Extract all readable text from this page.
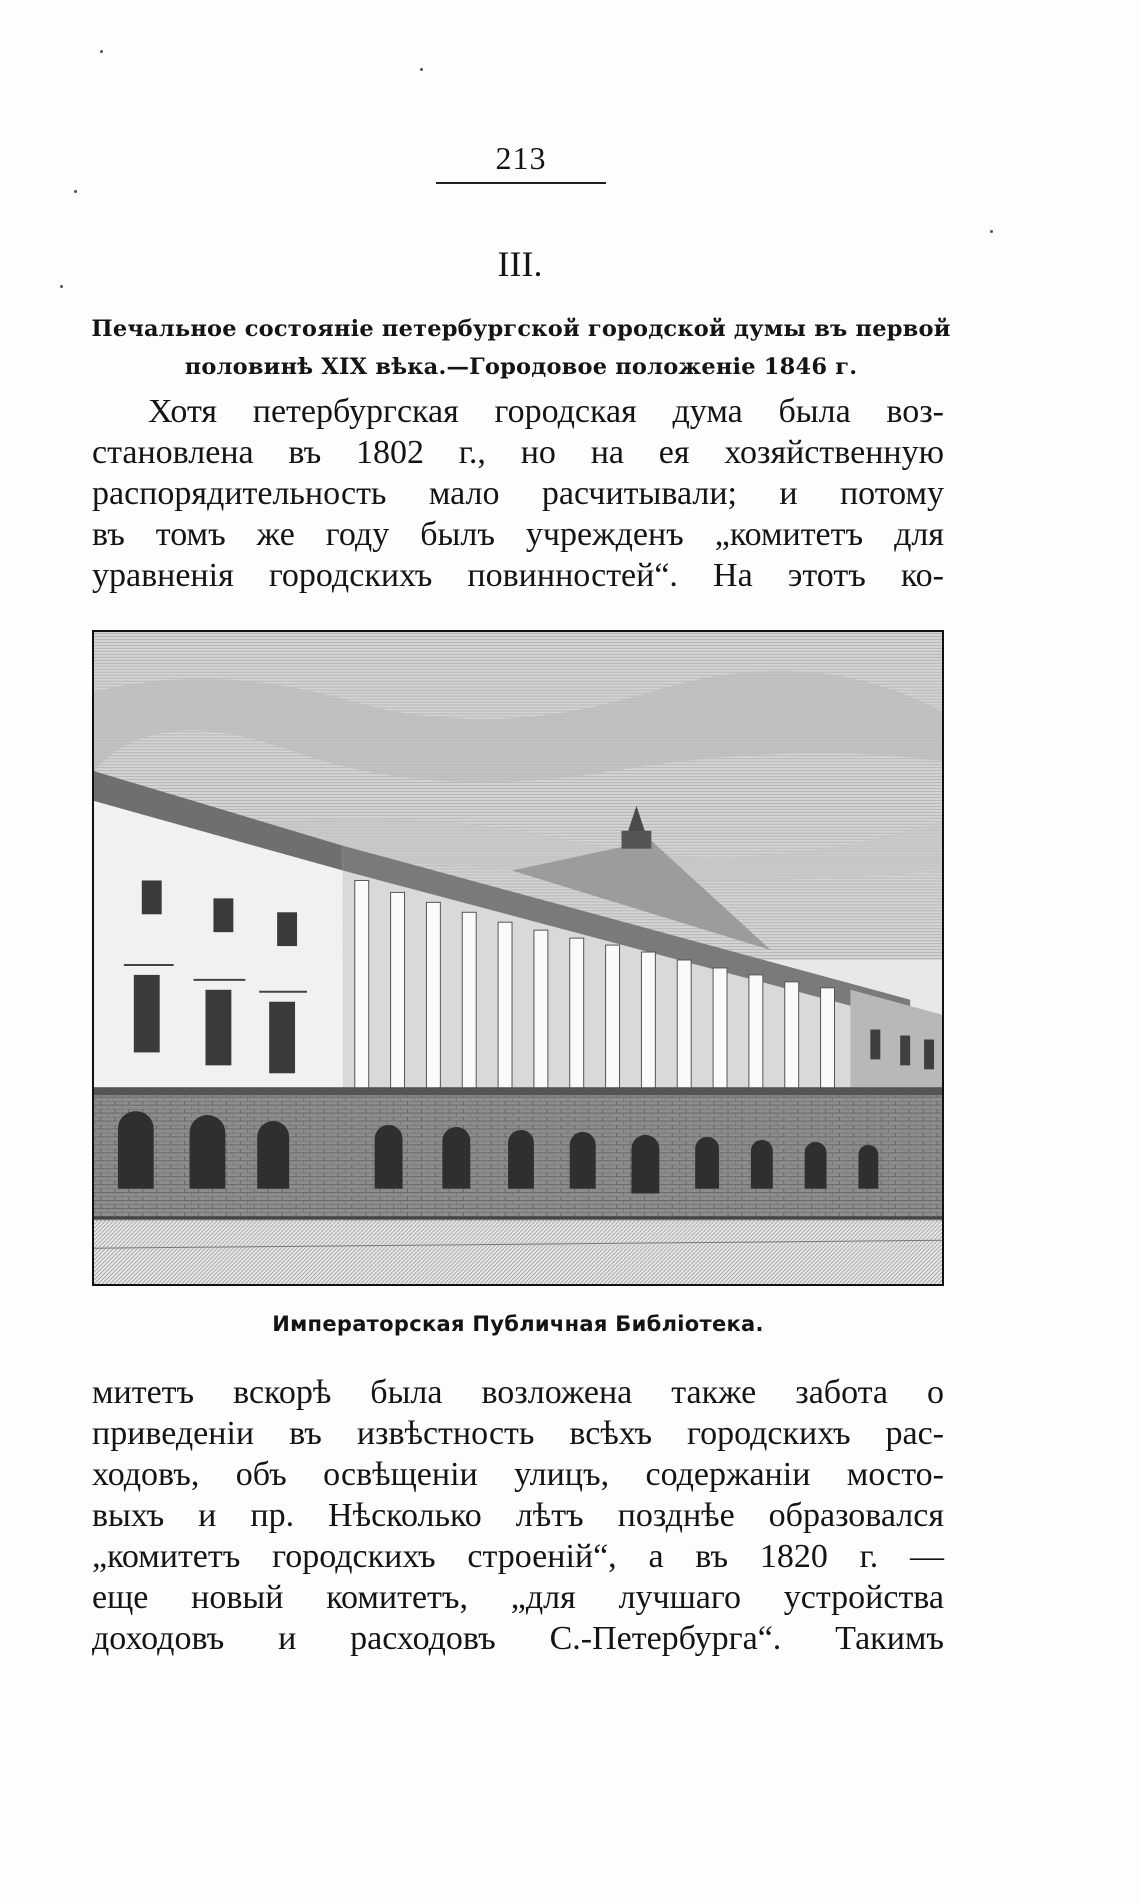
213
III.
Печальное состоянiе петербургской городской думы въ первой
половинѣ XIX вѣка.—Городовое положенiе 1846 г.
Хотя петербургская городская дума была воз-
становлена въ 1802 г., но на ея хозяйственную
распорядительность мало расчитывали; и потому
въ томъ же году былъ учрежденъ „комитетъ для
уравненiя городскихъ повинностей“. На этотъ ко-
Императорская Публичная Библiотека.
митетъ вскорѣ была возложена также забота о
приведенiи въ извѣстность всѣхъ городскихъ рас-
ходовъ, объ освѣщенiи улицъ, содержанiи мосто-
выхъ и пр. Нѣсколько лѣтъ позднѣе образовался
„комитетъ городскихъ строенiй“, а въ 1820 г. —
еще новый комитетъ, „для лучшаго устройства
доходовъ и расходовъ С.-Петербурга“. Такимъ
